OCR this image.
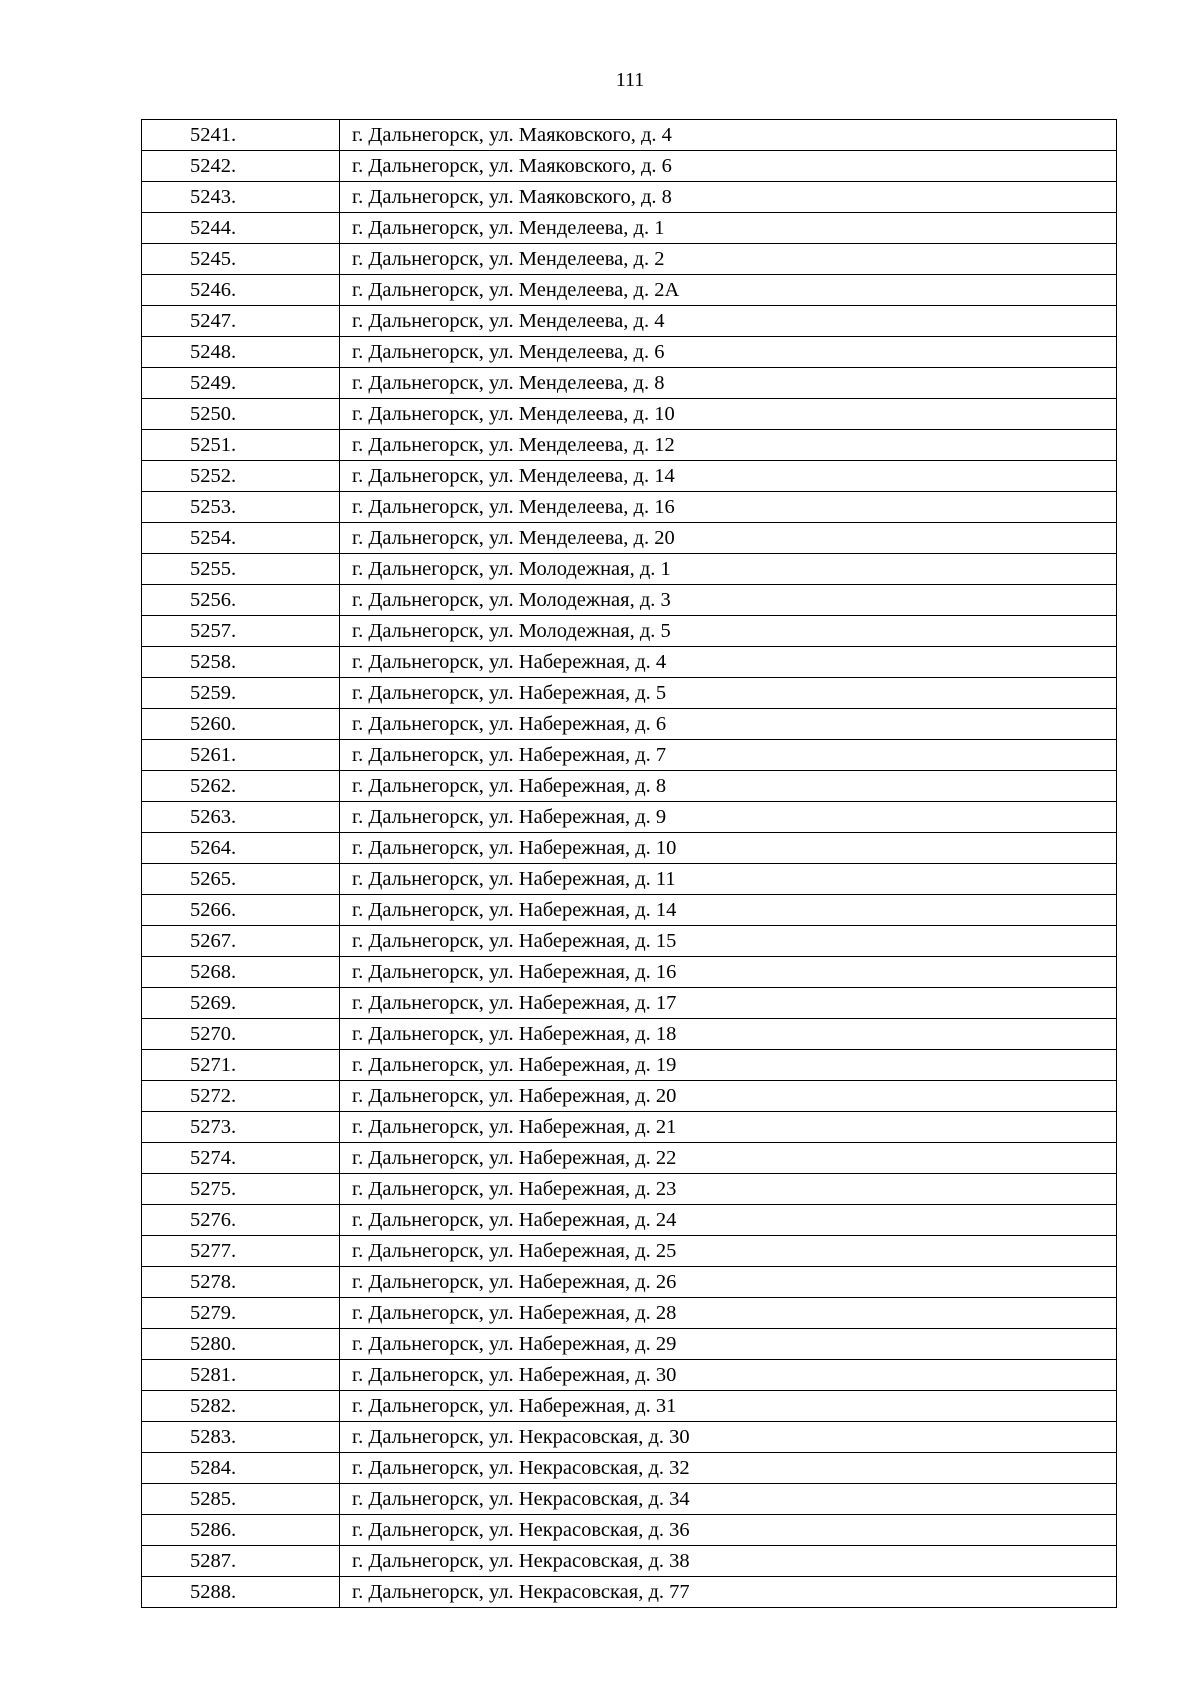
111
5241.	г. Дальнегорск, ул. Маяковского, д. 4
5242.	г. Дальнегорск, ул. Маяковского, д. 6
5243.	г. Дальнегорск, ул. Маяковского, д. 8
5244.	г. Дальнегорск, ул. Менделеева, д. 1
5245.	г. Дальнегорск, ул. Менделеева, д. 2
5246.	г. Дальнегорск, ул. Менделеева, д. 2А
5247.	г. Дальнегорск, ул. Менделеева, д. 4
5248.	г. Дальнегорск, ул. Менделеева, д. 6
5249.	г. Дальнегорск, ул. Менделеева, д. 8
5250.	г. Дальнегорск, ул. Менделеева, д. 10
5251.	г. Дальнегорск, ул. Менделеева, д. 12
5252.	г. Дальнегорск, ул. Менделеева, д. 14
5253.	г. Дальнегорск, ул. Менделеева, д. 16
5254.	г. Дальнегорск, ул. Менделеева, д. 20
5255.	г. Дальнегорск, ул. Молодежная, д. 1
5256.	г. Дальнегорск, ул. Молодежная, д. 3
5257.	г. Дальнегорск, ул. Молодежная, д. 5
5258.	г. Дальнегорск, ул. Набережная, д. 4
5259.	г. Дальнегорск, ул. Набережная, д. 5
5260.	г. Дальнегорск, ул. Набережная, д. 6
5261.	г. Дальнегорск, ул. Набережная, д. 7
5262.	г. Дальнегорск, ул. Набережная, д. 8
5263.	г. Дальнегорск, ул. Набережная, д. 9
5264.	г. Дальнегорск, ул. Набережная, д. 10
5265.	г. Дальнегорск, ул. Набережная, д. 11
5266.	г. Дальнегорск, ул. Набережная, д. 14
5267.	г. Дальнегорск, ул. Набережная, д. 15
5268.	г. Дальнегорск, ул. Набережная, д. 16
5269.	г. Дальнегорск, ул. Набережная, д. 17
5270.	г. Дальнегорск, ул. Набережная, д. 18
5271.	г. Дальнегорск, ул. Набережная, д. 19
5272.	г. Дальнегорск, ул. Набережная, д. 20
5273.	г. Дальнегорск, ул. Набережная, д. 21
5274.	г. Дальнегорск, ул. Набережная, д. 22
5275.	г. Дальнегорск, ул. Набережная, д. 23
5276.	г. Дальнегорск, ул. Набережная, д. 24
5277.	г. Дальнегорск, ул. Набережная, д. 25
5278.	г. Дальнегорск, ул. Набережная, д. 26
5279.	г. Дальнегорск, ул. Набережная, д. 28
5280.	г. Дальнегорск, ул. Набережная, д. 29
5281.	г. Дальнегорск, ул. Набережная, д. 30
5282.	г. Дальнегорск, ул. Набережная, д. 31
5283.	г. Дальнегорск, ул. Некрасовская, д. 30
5284.	г. Дальнегорск, ул. Некрасовская, д. 32
5285.	г. Дальнегорск, ул. Некрасовская, д. 34
5286.	г. Дальнегорск, ул. Некрасовская, д. 36
5287.	г. Дальнегорск, ул. Некрасовская, д. 38
5288.	г. Дальнегорск, ул. Некрасовская, д. 77
